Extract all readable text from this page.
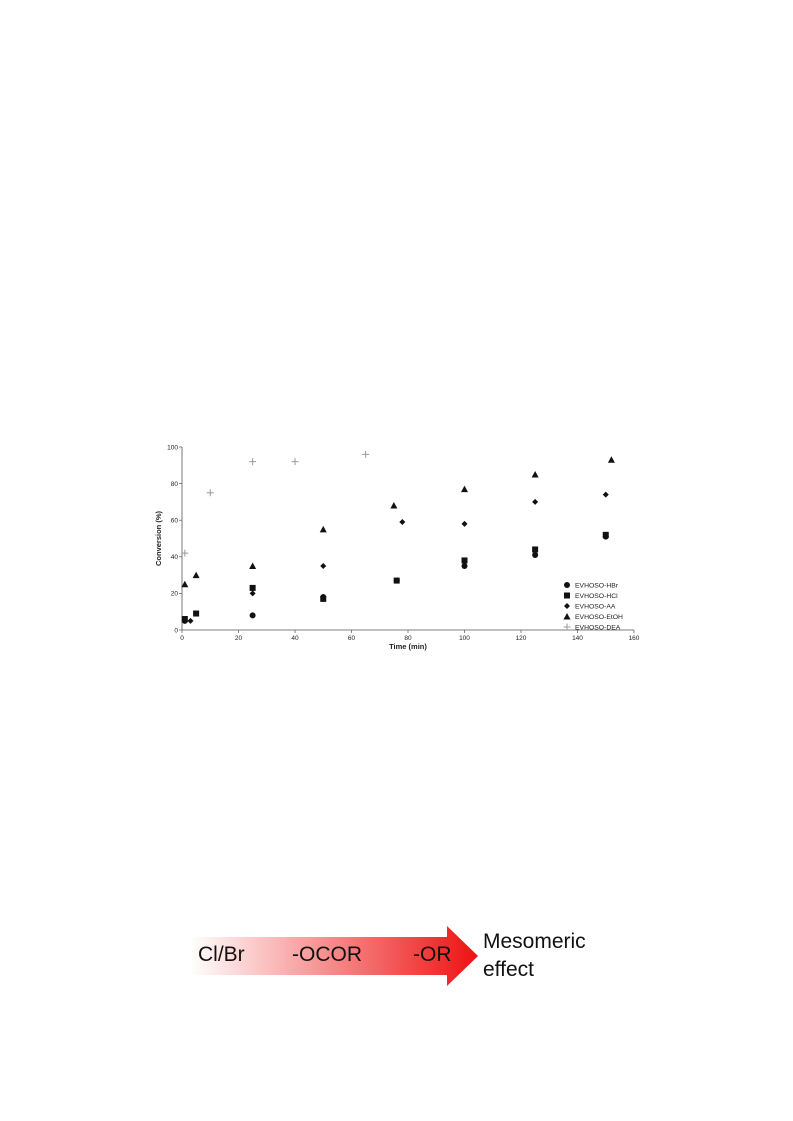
0	20	40	60	80	100	120	140	160
0
20
40
60
80
100
Time (min)
Conversion (%)
EVHOSO-HBr
EVHOSO-HCl
EVHOSO-AA
EVHOSO-EtOH
EVHOSO-DEA
Cl/Br -OCOR -OR
Mesomeric
effect
